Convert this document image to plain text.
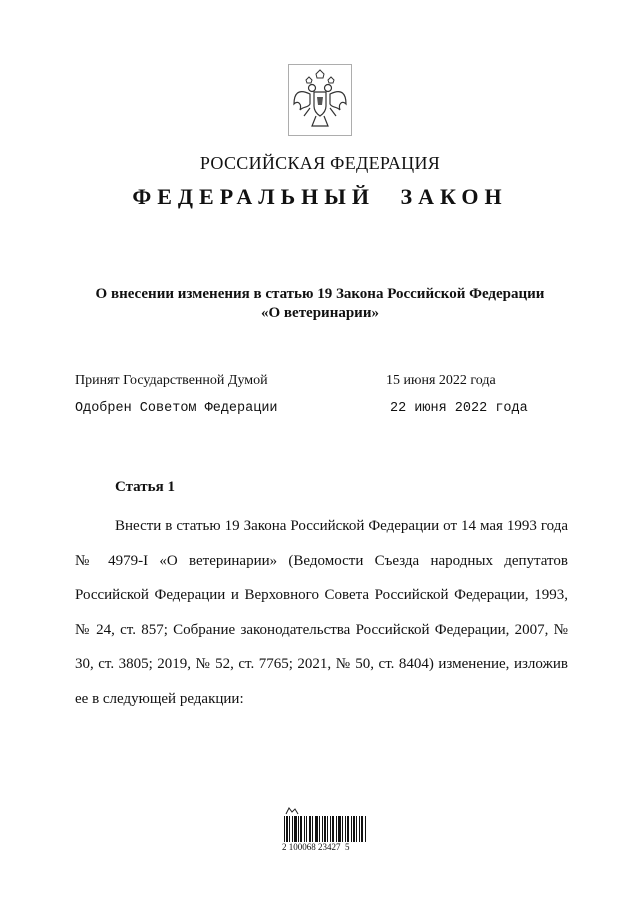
РОССИЙСКАЯ ФЕДЕРАЦИЯ
ФЕДЕРАЛЬНЫЙ ЗАКОН
О внесении изменения в статью 19 Закона Российской Федерации
«О ветеринарии»
Принят Государственной Думой	15 июня 2022 года
Одобрен Советом Федерации	22 июня 2022 года
Статья 1

Внести в статью 19 Закона Российской Федерации от 14 мая 1993 года № 4979-I «О ветеринарии» (Ведомости Съезда народных депутатов Российской Федерации и Верховного Совета Российской Федерации, 1993, № 24, ст. 857; Собрание законодательства Российской Федерации, 2007, № 30, ст. 3805; 2019, № 52, ст. 7765; 2021, № 50, ст. 8404) изменение, изложив ее в следующей редакции:

2 100068 23427  5
